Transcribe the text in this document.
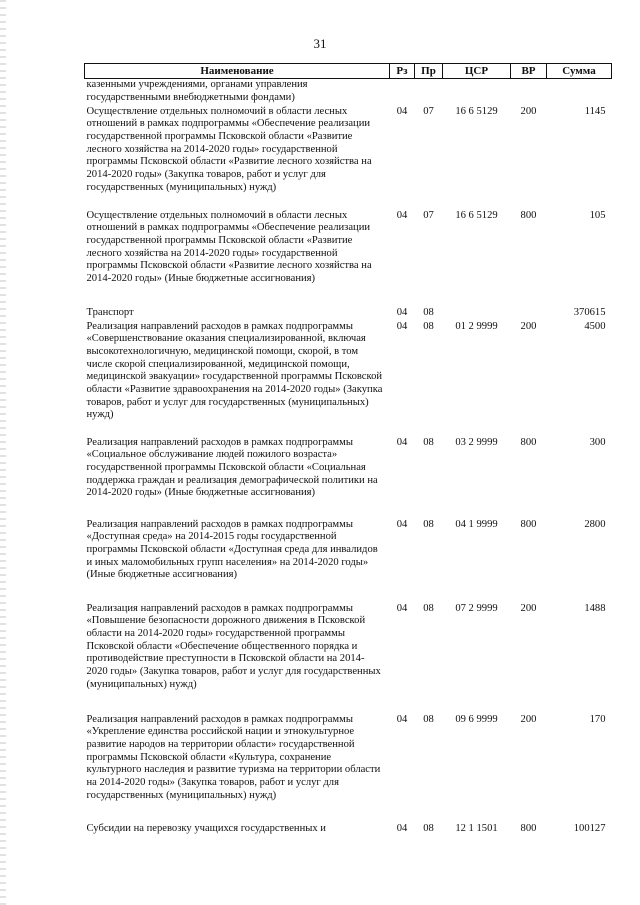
31
Наименование	Рз	Пр	ЦСР	ВР	Сумма
казенными учреждениями, органами управления государственными внебюджетными фондами)					
Осуществление отдельных полномочий в области лесных отношений в рамках подпрограммы «Обеспечение реализации государственной программы Псковской области «Развитие лесного хозяйства на 2014-2020 годы» государственной программы Псковской области «Развитие лесного хозяйства на 2014-2020 годы» (Закупка товаров, работ и услуг для государственных (муниципальных) нужд)	04	07	16 6 5129	200	1145
Осуществление отдельных полномочий в области лесных отношений в рамках подпрограммы «Обеспечение реализации государственной программы Псковской области «Развитие лесного хозяйства на 2014-2020 годы» государственной программы Псковской области «Развитие лесного хозяйства на 2014-2020 годы» (Иные бюджетные ассигнования)	04	07	16 6 5129	800	105
Транспорт	04	08			370615
Реализация направлений расходов в рамках подпрограммы «Совершенствование оказания специализированной, включая высокотехнологичную, медицинской помощи, скорой, в том числе скорой специализированной, медицинской помощи, медицинской эвакуации» государственной программы Псковской области «Развитие здравоохранения на 2014-2020 годы» (Закупка товаров, работ и услуг для государственных (муниципальных) нужд)	04	08	01 2 9999	200	4500
Реализация направлений расходов в рамках подпрограммы «Социальное обслуживание людей пожилого возраста» государственной программы Псковской области «Социальная поддержка граждан и реализация демографической политики на 2014-2020 годы» (Иные бюджетные ассигнования)	04	08	03 2 9999	800	300
Реализация направлений расходов в рамках подпрограммы «Доступная среда» на 2014-2015 годы государственной программы Псковской области «Доступная среда для инвалидов и иных маломобильных групп населения» на 2014-2020 годы» (Иные бюджетные ассигнования)	04	08	04 1 9999	800	2800
Реализация направлений расходов в рамках подпрограммы «Повышение безопасности дорожного движения в Псковской области на 2014-2020 годы» государственной программы Псковской области «Обеспечение общественного порядка и противодействие преступности в Псковской области на 2014-2020 годы» (Закупка товаров, работ и услуг для государственных (муниципальных) нужд)	04	08	07 2 9999	200	1488
Реализация направлений расходов в рамках подпрограммы «Укрепление единства российской нации и этнокультурное развитие народов на территории области» государственной программы Псковской области «Культура, сохранение культурного наследия и развитие туризма на территории области на 2014-2020 годы» (Закупка товаров, работ и услуг для государственных (муниципальных) нужд)	04	08	09 6 9999	200	170
Субсидии на перевозку учащихся государственных и	04	08	12 1 1501	800	100127
